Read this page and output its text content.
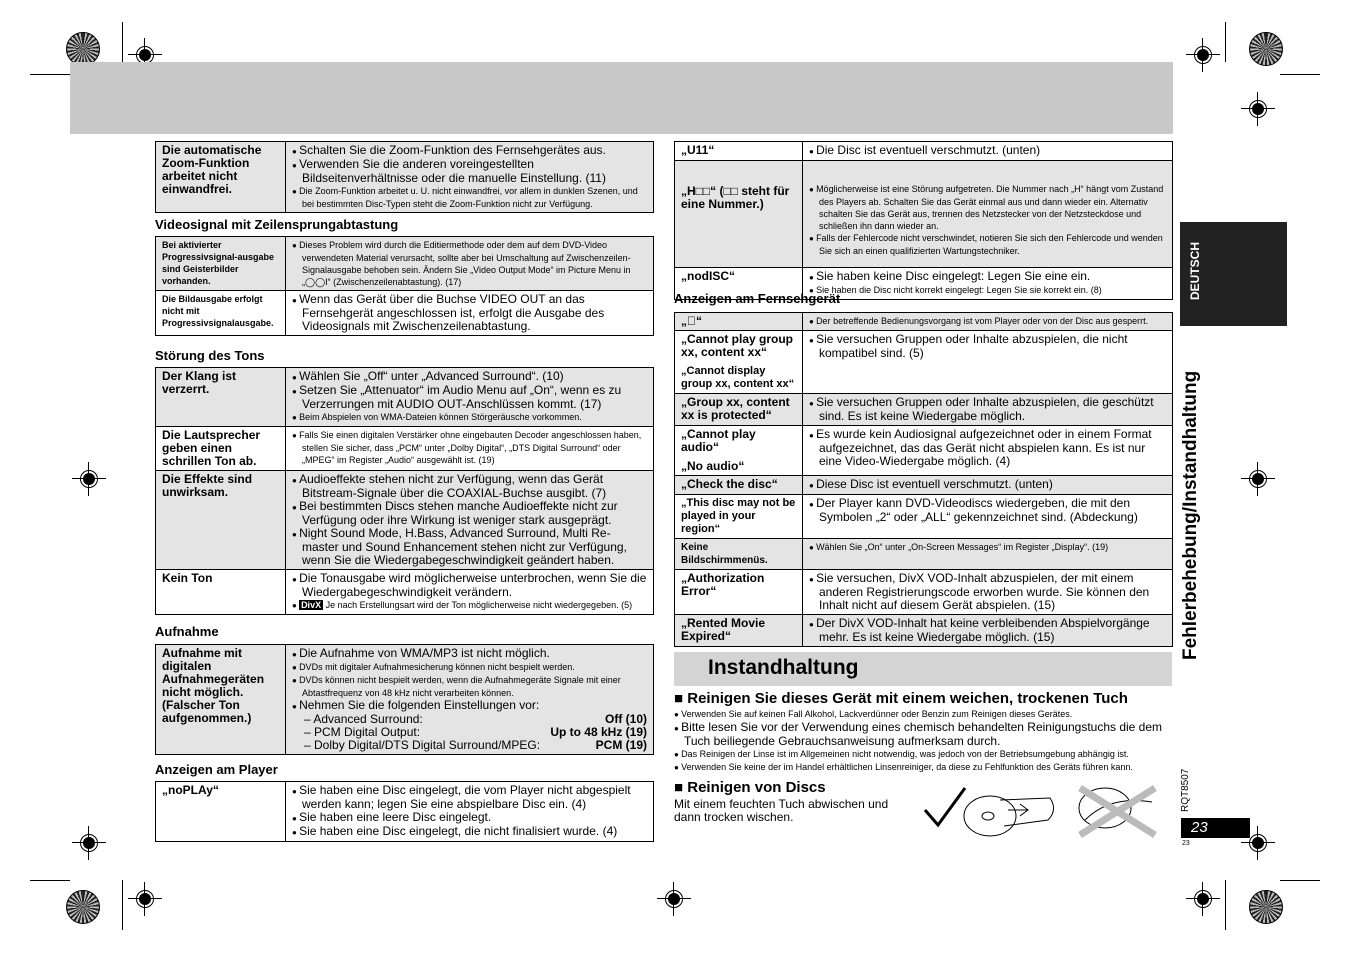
Die automatische Zoom-Funktion arbeitet nicht einwandfrei.
● Schalten Sie die Zoom-Funktion des Fernsehgerätes aus.
● Verwenden Sie die anderen voreingestellten Bildseitenverhältnisse oder die manuelle Einstellung. (11)
● Die Zoom-Funktion arbeitet u. U. nicht einwandfrei, vor allem in dunklen Szenen, und bei bestimmten Disc-Typen steht die Zoom-Funktion nicht zur Verfügung.
Videosignal mit Zeilensprungabtastung
Bei aktivierter Progressivsignal-ausgabe sind Geisterbilder vorhanden.
● Dieses Problem wird durch die Editiermethode oder dem auf dem DVD-Video verwendeten Material verursacht, sollte aber bei Umschaltung auf Zwischenzeilen-Signalausgabe behoben sein. Ändern Sie „Video Output Mode“ im Picture Menu in „◯◯I“ (Zwischenzeilenabtastung). (17)
Die Bildausgabe erfolgt nicht mit Progressivsignalausgabe.
● Wenn das Gerät über die Buchse VIDEO OUT an das Fernsehgerät angeschlossen ist, erfolgt die Ausgabe des Videosignals mit Zwischenzeilenabtastung.
Störung des Tons
Der Klang ist verzerrt.
● Wählen Sie „Off“ unter „Advanced Surround“. (10)
● Setzen Sie „Attenuator“ im Audio Menu auf „On“, wenn es zu Verzerrungen mit AUDIO OUT-Anschlüssen kommt. (17)
● Beim Abspielen von WMA-Dateien können Störgeräusche vorkommen.
Die Lautsprecher geben einen schrillen Ton ab.
● Falls Sie einen digitalen Verstärker ohne eingebauten Decoder angeschlossen haben, stellen Sie sicher, dass „PCM“ unter „Dolby Digital“, „DTS Digital Surround“ oder „MPEG“ im Register „Audio“ ausgewählt ist. (19)
Die Effekte sind unwirksam.
● Audioeffekte stehen nicht zur Verfügung, wenn das Gerät Bitstream-Signale über die COAXIAL-Buchse ausgibt. (7)
● Bei bestimmten Discs stehen manche Audioeffekte nicht zur Verfügung oder ihre Wirkung ist weniger stark ausgeprägt.
● Night Sound Mode, H.Bass, Advanced Surround, Multi Re-master und Sound Enhancement stehen nicht zur Verfügung, wenn Sie die Wiedergabegeschwindigkeit geändert haben.
Kein Ton	● Die Tonausgabe wird möglicherweise unterbrochen, wenn Sie die Wiedergabegeschwindigkeit verändern.
● DivX Je nach Erstellungsart wird der Ton möglicherweise nicht wiedergegeben. (5)
Aufnahme
Aufnahme mit digitalen Aufnahmegeräten nicht möglich. (Falscher Ton aufgenommen.)
● Die Aufnahme von WMA/MP3 ist nicht möglich.
● DVDs mit digitaler Aufnahmesicherung können nicht bespielt werden.
● DVDs können nicht bespielt werden, wenn die Aufnahmegeräte Signale mit einer Abtastfrequenz von 48 kHz nicht verarbeiten können.
● Nehmen Sie die folgenden Einstellungen vor:
– Advanced Surround:	Off (10)
– PCM Digital Output:	Up to 48 kHz (19)
– Dolby Digital/DTS Digital Surround/MPEG:	PCM (19)
Anzeigen am Player
„noPLAy“	● Sie haben eine Disc eingelegt, die vom Player nicht abgespielt werden kann; legen Sie eine abspielbare Disc ein. (4)
● Sie haben eine leere Disc eingelegt.
● Sie haben eine Disc eingelegt, die nicht finalisiert wurde. (4)
„U11“	● Die Disc ist eventuell verschmutzt. (unten)
„H□□“ (□□ steht für eine Nummer.)
● Möglicherweise ist eine Störung aufgetreten. Die Nummer nach „H“ hängt vom Zustand des Players ab. Schalten Sie das Gerät einmal aus und dann wieder ein. Alternativ schalten Sie das Gerät aus, trennen des Netzstecker von der Netzsteckdose und schließen ihn dann wieder an.
● Falls der Fehlercode nicht verschwindet, notieren Sie sich den Fehlercode und wenden Sie sich an einen qualifizierten Wartungstechniker.
„nodISC“	● Sie haben keine Disc eingelegt: Legen Sie eine ein.
● Sie haben die Disc nicht korrekt eingelegt: Legen Sie sie korrekt ein. (8)
Anzeigen am Fernsehgerät
„⃠“	● Der betreffende Bedienungsvorgang ist vom Player oder von der Disc aus gesperrt.
„Cannot play group xx, content xx“
„Cannot display group xx, content xx“
● Sie versuchen Gruppen oder Inhalte abzuspielen, die nicht kompatibel sind. (5)
„Group xx, content xx is protected“
● Sie versuchen Gruppen oder Inhalte abzuspielen, die geschützt sind. Es ist keine Wiedergabe möglich.
„Cannot play audio“
„No audio“
● Es wurde kein Audiosignal aufgezeichnet oder in einem Format aufgezeichnet, das das Gerät nicht abspielen kann. Es ist nur eine Video-Wiedergabe möglich. (4)
„Check the disc“	● Diese Disc ist eventuell verschmutzt. (unten)
„This disc may not be played in your region“
● Der Player kann DVD-Videodiscs wiedergeben, die mit den Symbolen „2“ oder „ALL“ gekennzeichnet sind. (Abdeckung)
Keine Bildschirmmenüs.
● Wählen Sie „On“ unter „On-Screen Messages“ im Register „Display“. (19)
„Authorization Error“
● Sie versuchen, DivX VOD-Inhalt abzuspielen, der mit einem anderen Registrierungscode erworben wurde. Sie können den Inhalt nicht auf diesem Gerät abspielen. (15)
„Rented Movie Expired“
● Der DivX VOD-Inhalt hat keine verbleibenden Abspielvorgänge mehr. Es ist keine Wiedergabe möglich. (15)
Instandhaltung
■ Reinigen Sie dieses Gerät mit einem weichen, trockenen Tuch
● Verwenden Sie auf keinen Fall Alkohol, Lackverdünner oder Benzin zum Reinigen dieses Gerätes.
● Bitte lesen Sie vor der Verwendung eines chemisch behandelten Reinigungstuchs die dem Tuch beiliegende Gebrauchsanweisung aufmerksam durch.
● Das Reinigen der Linse ist im Allgemeinen nicht notwendig, was jedoch von der Betriebsumgebung abhängig ist.
● Verwenden Sie keine der im Handel erhältlichen Linsenreiniger, da diese zu Fehlfunktion des Geräts führen kann.
■ Reinigen von Discs
Mit einem feuchten Tuch abwischen und dann trocken wischen.
DEUTSCH
Fehlerbehebung/Instandhaltung
RQT8507
23
23
